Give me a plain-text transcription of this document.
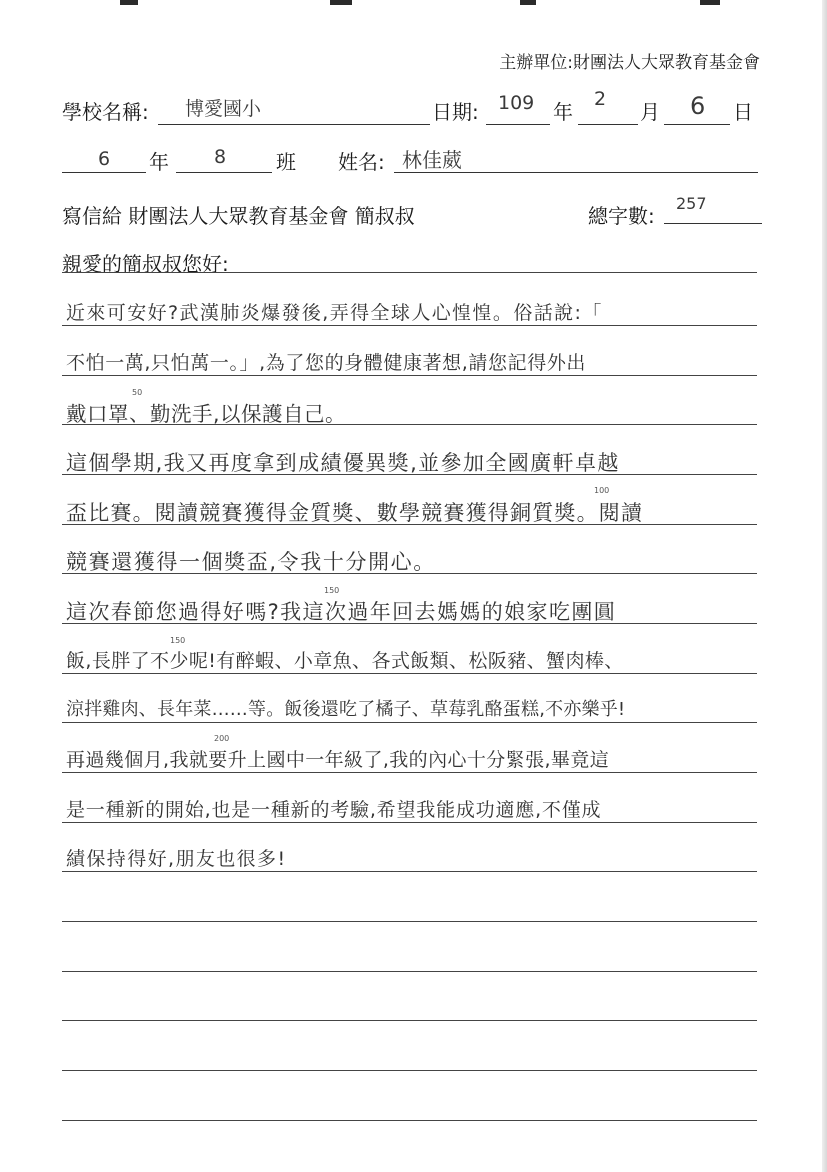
主辦單位:財團法人大眾教育基金會
學校名稱: 博愛國小	日期: 109 年
2
月 6 日
6 年 8 班 姓名: 林佳葳
寫信給 財團法人大眾教育基金會 簡叔叔	總字數:
257
親愛的簡叔叔您好:
近來可安好?武漢肺炎爆發後,弄得全球人心惶惶。俗話說:「
不怕一萬,只怕萬一。」,為了您的身體健康著想,請您記得外出
戴口罩、勤洗手,以保護自己。
這個學期,我又再度拿到成績優異獎,並參加全國廣軒卓越
盃比賽。閱讀競賽獲得金質獎、數學競賽獲得銅質獎。閱讀
競賽還獲得一個獎盃,令我十分開心。
這次春節您過得好嗎?我這次過年回去媽媽的娘家吃團圓
飯,長胖了不少呢!有醉蝦、小章魚、各式飯類、松阪豬、蟹肉棒、
涼拌雞肉、長年菜……等。飯後還吃了橘子、草莓乳酪蛋糕,不亦樂乎!
再過幾個月,我就要升上國中一年級了,我的內心十分緊張,畢竟這
是一種新的開始,也是一種新的考驗,希望我能成功適應,不僅成
績保持得好,朋友也很多!
50
100
150
150
200
